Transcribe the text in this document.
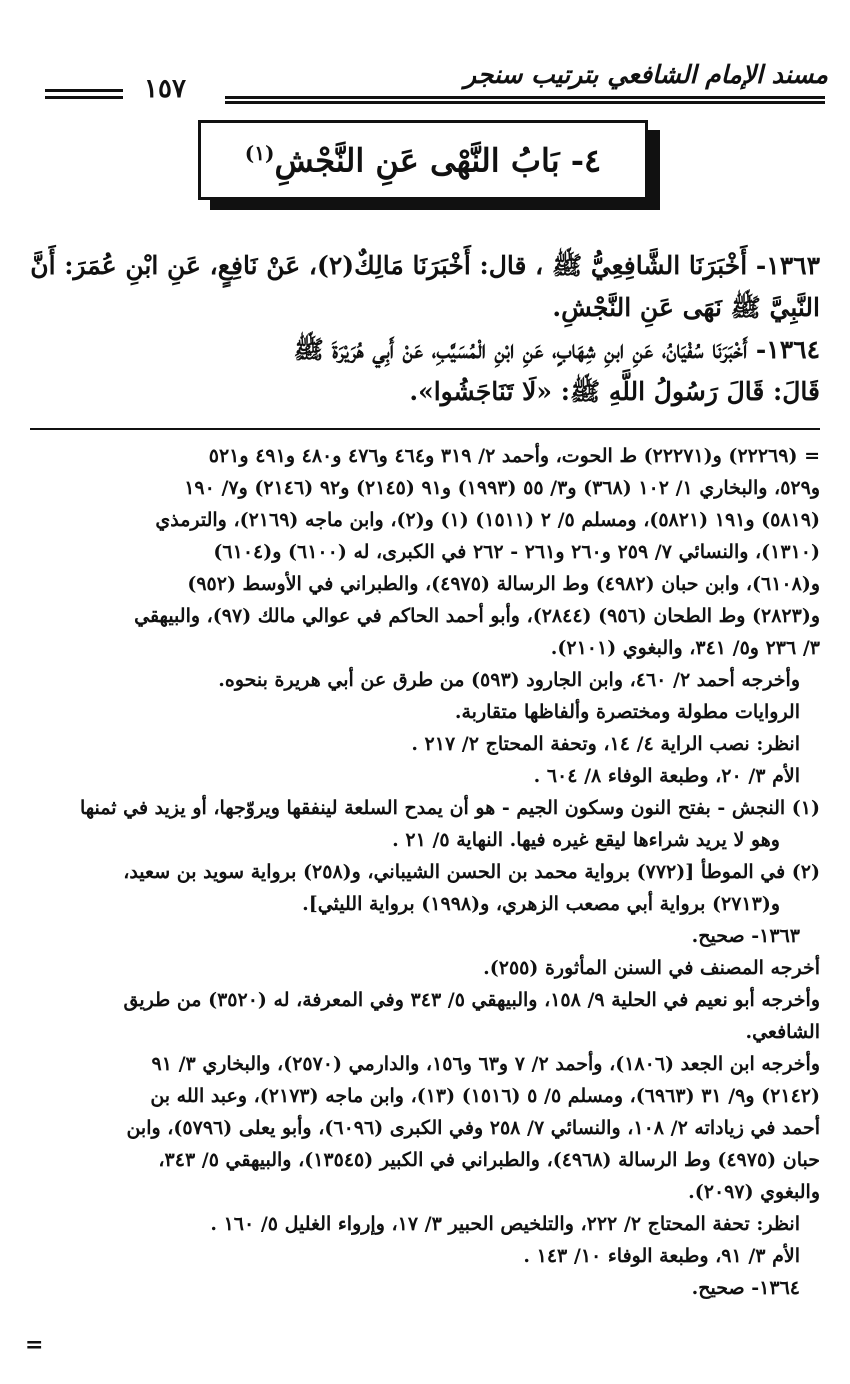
مسند الإمام الشافعي بترتيب سنجر
١٥٧
٤- بَابُ النَّهْى عَنِ النَّجْشِ$^{(١)}$
١٣٦٣- أَخْبَرَنَا الشَّافِعِيُّ ﷺ ، قال: أَخْبَرَنَا مَالِكٌ(٢)، عَنْ نَافِعٍ، عَنِ ابْنِ عُمَرَ: أَنَّ
النَّبِيَّ ﷺ نَهَى عَنِ النَّجْشِ.
١٣٦٤- أَخْبَرَنَا سُفْيَانُ، عَنِ ابنِ شِهَابٍ، عَنِ ابْنِ الْمُسَيَّبِ، عَنْ أَبِي هُرَيْرَةَ ﷺ
قَالَ: قَالَ رَسُولُ اللَّهِ ﷺ: «لَا تَنَاجَشُوا».
= (٢٢٢٦٩) و(٢٢٢٧١) ط الحوت، وأحمد ٢/ ٣١٩ و٤٦٤ و٤٧٦ و٤٨٠ و٤٩١ و٥٢١
و٥٢٩، والبخاري ١/ ١٠٢ (٣٦٨) و٣/ ٥٥ (١٩٩٣) و٩١ (٢١٤٥) و٩٢ (٢١٤٦) و٧/ ١٩٠
(٥٨١٩) و١٩١ (٥٨٢١)، ومسلم ٥/ ٢ (١٥١١) (١) و(٢)، وابن ماجه (٢١٦٩)، والترمذي
(١٣١٠)، والنسائي ٧/ ٢٥٩ و٢٦٠ و٢٦١ - ٢٦٢ في الكبرى، له (٦١٠٠) و(٦١٠٤)
و(٦١٠٨)، وابن حبان (٤٩٨٢) وط الرسالة (٤٩٧٥)، والطبراني في الأوسط (٩٥٢)
و(٢٨٢٣) وط الطحان (٩٥٦) (٢٨٤٤)، وأبو أحمد الحاكم في عوالي مالك (٩٧)، والبيهقي
٣/ ٢٣٦ و٥/ ٣٤١، والبغوي (٢١٠١).
وأخرجه أحمد ٢/ ٤٦٠، وابن الجارود (٥٩٣) من طرق عن أبي هريرة بنحوه.
الروايات مطولة ومختصرة وألفاظها متقاربة.
انظر: نصب الراية ٤/ ١٤، وتحفة المحتاج ٢/ ٢١٧ .
الأم ٣/ ٢٠، وطبعة الوفاء ٨/ ٦٠٤ .
(١) النجش - بفتح النون وسكون الجيم - هو أن يمدح السلعة لينفقها ويروّجها، أو يزيد في ثمنها
وهو لا يريد شراءها ليقع غيره فيها. النهاية ٥/ ٢١ .
(٢) في الموطأ [(٧٧٢) برواية محمد بن الحسن الشيباني، و(٢٥٨) برواية سويد بن سعيد،
و(٢٧١٣) برواية أبي مصعب الزهري، و(١٩٩٨) برواية الليثي].
١٣٦٣- صحيح.
أخرجه المصنف في السنن المأثورة (٢٥٥).
وأخرجه أبو نعيم في الحلية ٩/ ١٥٨، والبيهقي ٥/ ٣٤٣ وفي المعرفة، له (٣٥٢٠) من طريق
الشافعي.
وأخرجه ابن الجعد (١٨٠٦)، وأحمد ٢/ ٧ و٦٣ و١٥٦، والدارمي (٢٥٧٠)، والبخاري ٣/ ٩١
(٢١٤٢) و٩/ ٣١ (٦٩٦٣)، ومسلم ٥/ ٥ (١٥١٦) (١٣)، وابن ماجه (٢١٧٣)، وعبد الله بن
أحمد في زياداته ٢/ ١٠٨، والنسائي ٧/ ٢٥٨ وفي الكبرى (٦٠٩٦)، وأبو يعلى (٥٧٩٦)، وابن
حبان (٤٩٧٥) وط الرسالة (٤٩٦٨)، والطبراني في الكبير (١٣٥٤٥)، والبيهقي ٥/ ٣٤٣،
والبغوي (٢٠٩٧).
انظر: تحفة المحتاج ٢/ ٢٢٢، والتلخيص الحبير ٣/ ١٧، وإرواء الغليل ٥/ ١٦٠ .
الأم ٣/ ٩١، وطبعة الوفاء ١٠/ ١٤٣ .
١٣٦٤- صحيح.
=
